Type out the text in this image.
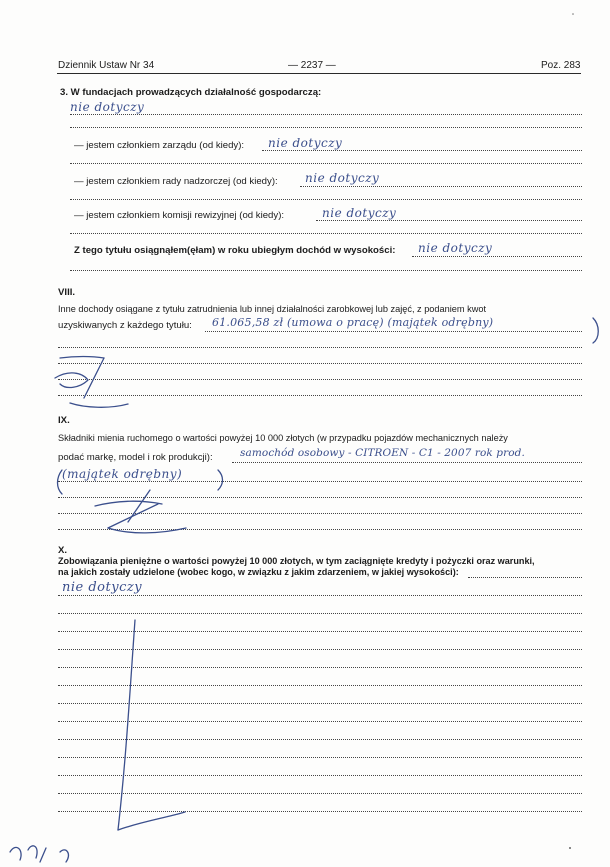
Dziennik Ustaw Nr 34	— 2237 —	Poz. 283
3. W fundacjach prowadzących działalność gospodarczą:
nie dotyczy
— jestem członkiem zarządu (od kiedy): nie dotyczy
— jestem członkiem rady nadzorczej (od kiedy): nie dotyczy
— jestem członkiem komisji rewizyjnej (od kiedy):	nie dotyczy
Z tego tytułu osiągnąłem(ęłam) w roku ubiegłym dochód w wysokości: nie dotyczy
VIII.
Inne dochody osiągane z tytułu zatrudnienia lub innej działalności zarobkowej lub zajęć, z podaniem kwot
uzyskiwanych z każdego tytułu: 61.065,58 zł (umowa o pracę) (majątek odrębny)
IX.
Składniki mienia ruchomego o wartości powyżej 10 000 złotych (w przypadku pojazdów mechanicznych należy
podać markę, model i rok produkcji):	samochód osobowy - CITROEN - C1 - 2007 rok prod.
(majątek odrębny)
X.
Zobowiązania pieniężne o wartości powyżej 10 000 złotych, w tym zaciągnięte kredyty i pożyczki oraz warunki,
na jakich zostały udzielone (wobec kogo, w związku z jakim zdarzeniem, w jakiej wysokości):
nie dotyczy
